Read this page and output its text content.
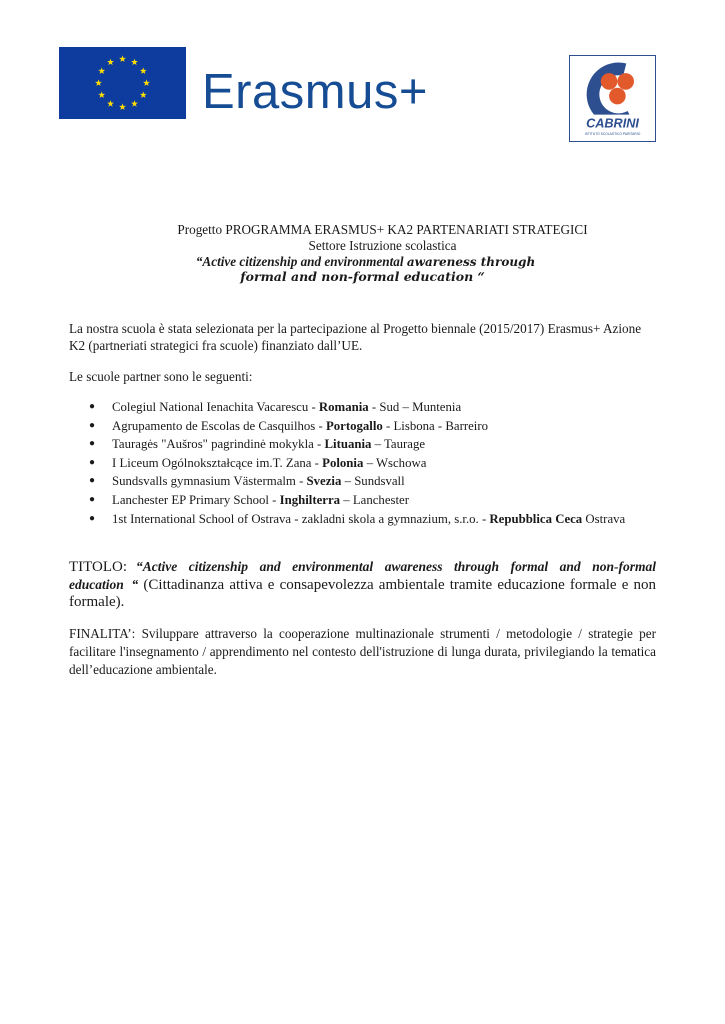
Erasmus+
CABRINI
ISTITUTO SCOLASTICO PARITARIO
Progetto PROGRAMMA ERASMUS+ KA2 PARTENARIATI STRATEGICI
Settore Istruzione scolastica
“Active citizenship and environmental awareness through
formal and non-formal education “
La nostra scuola è stata selezionata per la partecipazione al Progetto biennale (2015/2017) Erasmus+ Azione K2 (partneriati strategici fra scuole) finanziato dall’UE.
Le scuole partner sono le seguenti:
● Colegiul National Ienachita Vacarescu - Romania - Sud – Muntenia
● Agrupamento de Escolas de Casquilhos - Portogallo - Lisbona - Barreiro
● Tauragės "Aušros" pagrindinė mokykla - Lituania – Taurage
● I Liceum Ogólnokształcące im.T. Zana - Polonia – Wschowa
● Sundsvalls gymnasium Västermalm - Svezia – Sundsvall
● Lanchester EP Primary School - Inghilterra – Lanchester
● 1st International School of Ostrava - zakladni skola a gymnazium, s.r.o. - Repubblica Ceca Ostrava
TITOLO: “Active citizenship and environmental awareness through formal and non-formal education “ (Cittadinanza attiva e consapevolezza ambientale tramite educazione formale e non formale).
FINALITA’: Sviluppare attraverso la cooperazione multinazionale strumenti / metodologie / strategie per facilitare l'insegnamento / apprendimento nel contesto dell'istruzione di lunga durata, privilegiando la tematica dell’educazione ambientale.
